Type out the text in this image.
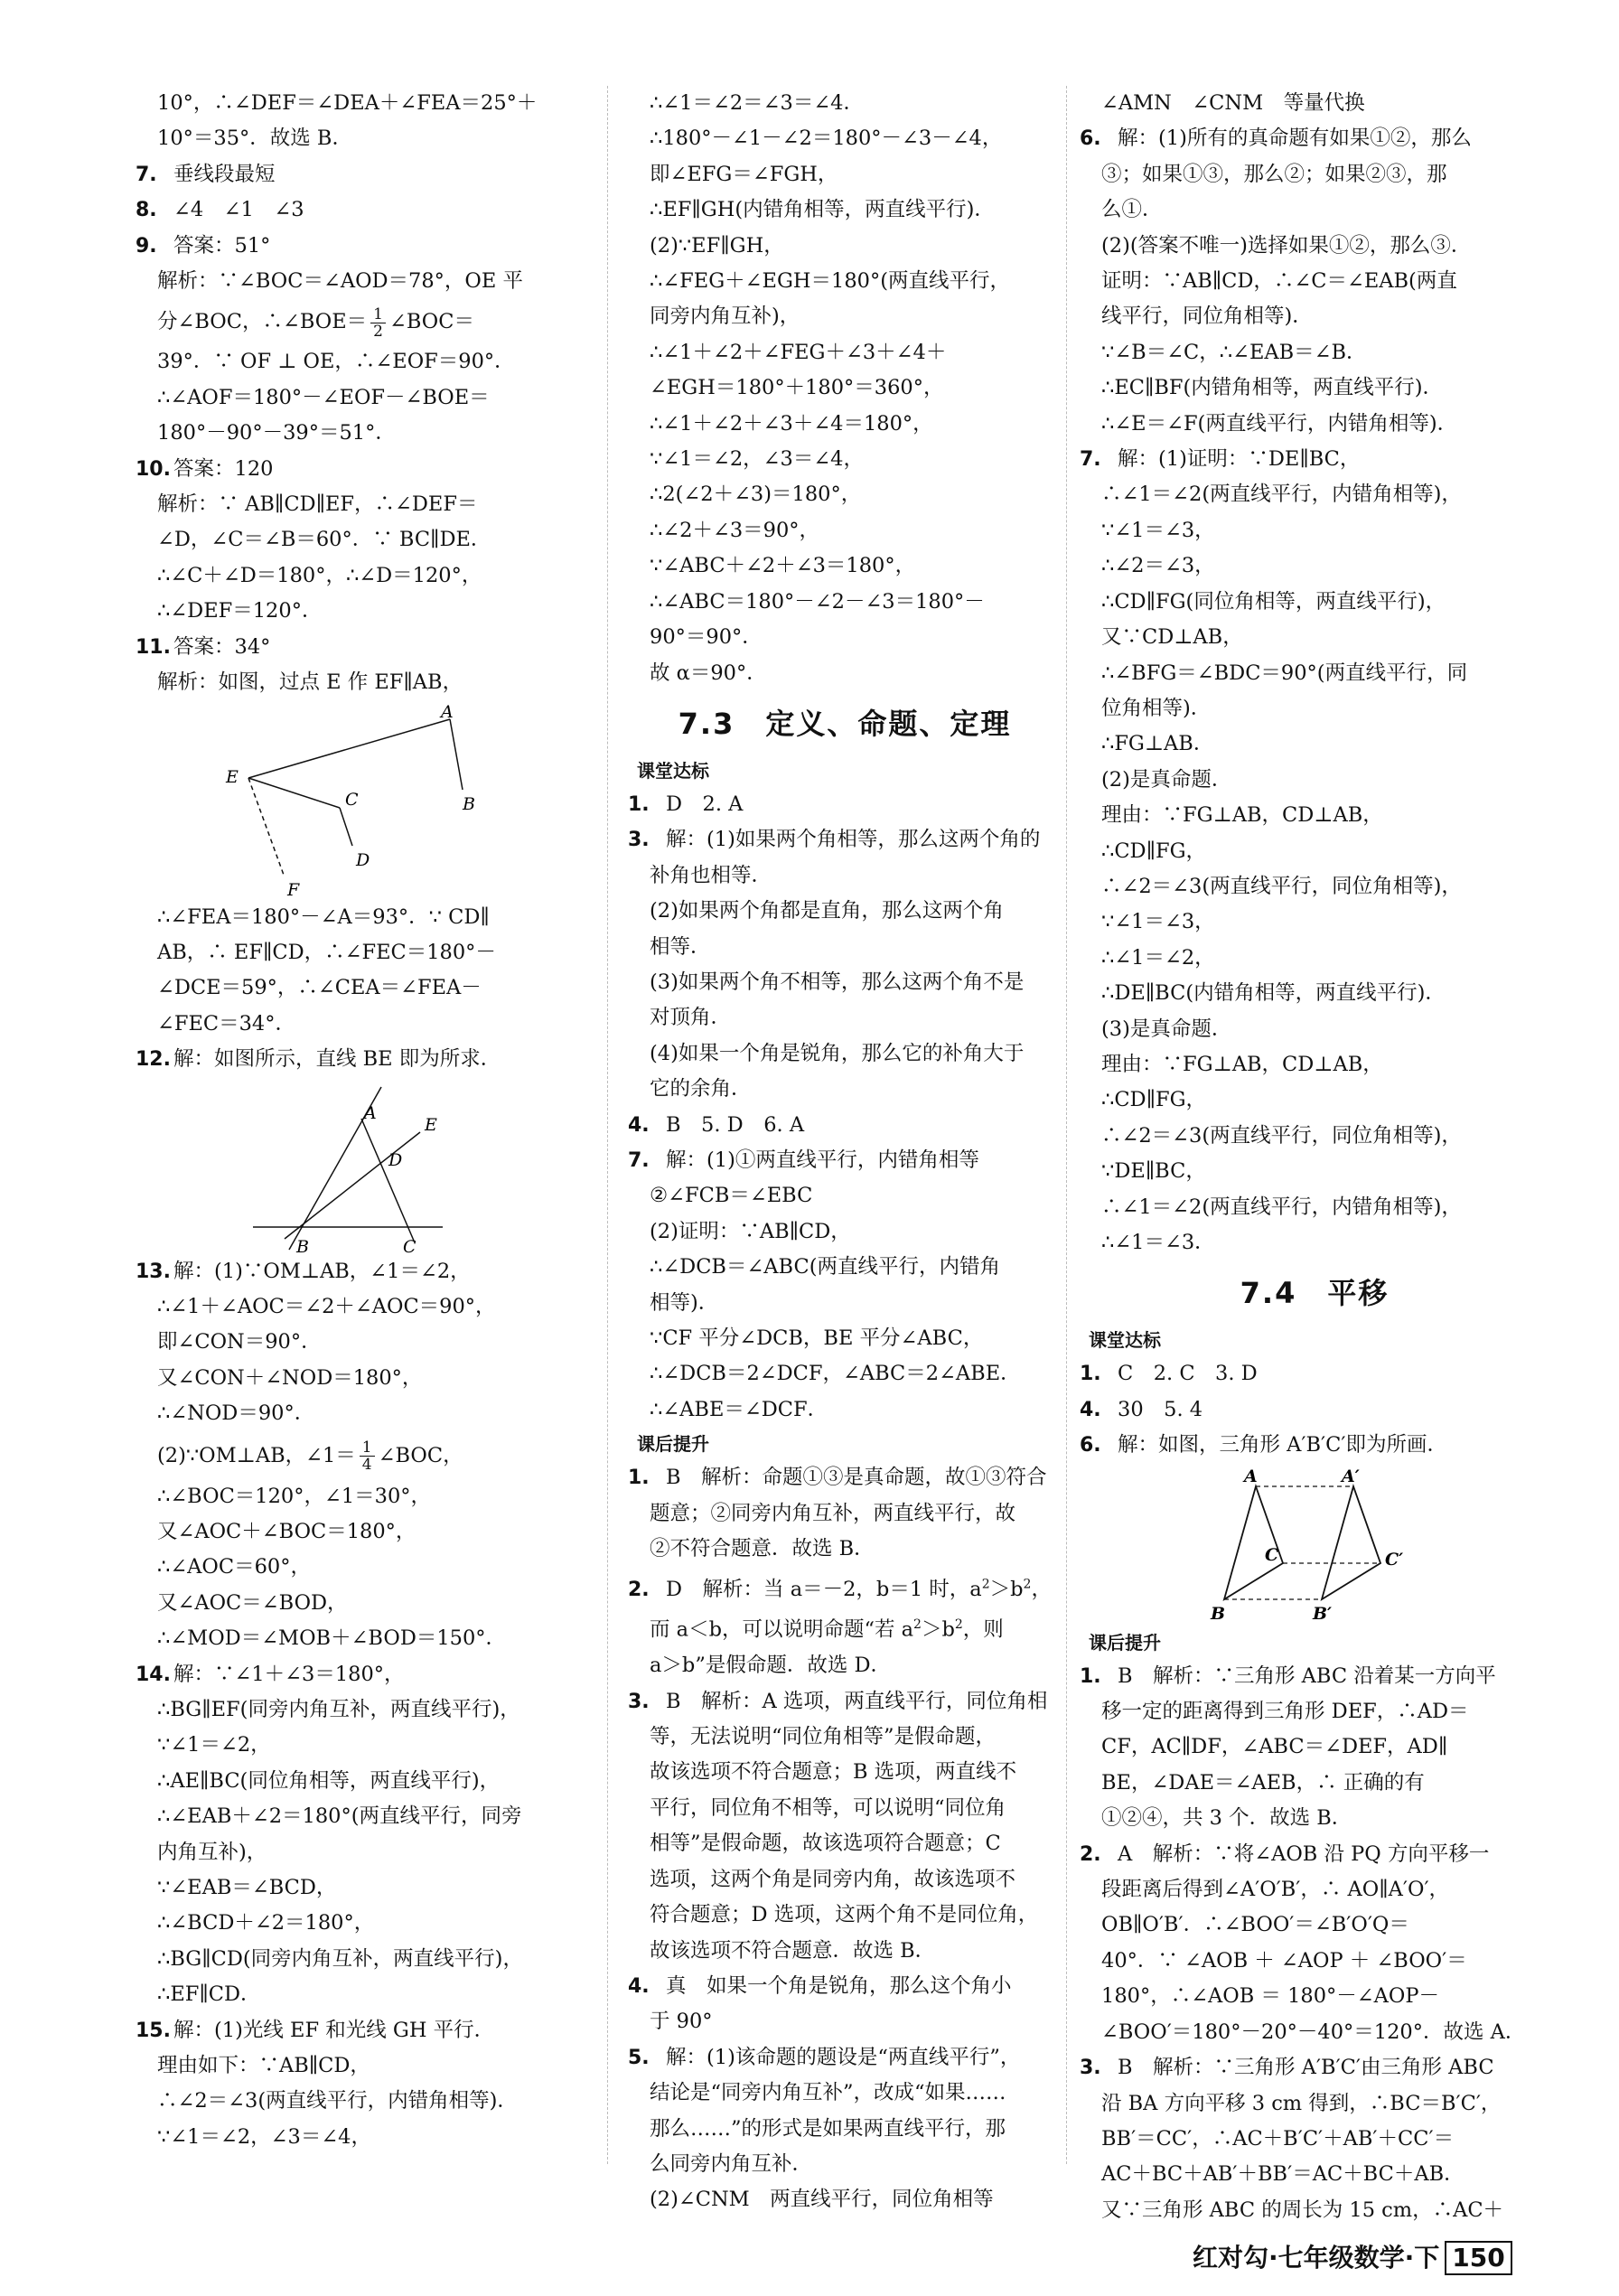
10°，∴∠DEF＝∠DEA＋∠FEA＝25°＋
10°＝35°．故选 B．
7. 垂线段最短
8. ∠4　∠1　∠3
9. 答案：51°
解析：∵∠BOC＝∠AOD＝78°，OE 平
分∠BOC，∴∠BOE＝ $\frac{1}{2}$ ∠BOC＝
39°．∵ OF ⊥ OE，∴∠EOF＝90°．
∴∠AOF＝180°－∠EOF－∠BOE＝
180°－90°－39°＝51°．
10. 答案：120
解析：∵ AB∥CD∥EF，∴∠DEF＝
∠D，∠C＝∠B＝60°．∵ BC∥DE．
∴∠C＋∠D＝180°，∴∠D＝120°，
∴∠DEF＝120°．
11. 答案：34°
解析：如图，过点 E 作 EF∥AB，
A
B
C
D
E
F
∴∠FEA＝180°－∠A＝93°．∵ CD∥
AB，∴ EF∥CD，∴∠FEC＝180°－
∠DCE＝59°，∴∠CEA＝∠FEA－
∠FEC＝34°．
12. 解：如图所示，直线 BE 即为所求．
A
E
D
B	C
13. 解：(1)∵OM⊥AB，∠1＝∠2，
∴∠1＋∠AOC＝∠2＋∠AOC＝90°，
即∠CON＝90°．
又∠CON＋∠NOD＝180°，
∴∠NOD＝90°．
(2)∵OM⊥AB，∠1＝ $\frac{1}{4}$ ∠BOC，
∴∠BOC＝120°，∠1＝30°，
又∠AOC＋∠BOC＝180°，
∴∠AOC＝60°，
又∠AOC＝∠BOD，
∴∠MOD＝∠MOB＋∠BOD＝150°．
14. 解：∵∠1＋∠3＝180°，
∴BG∥EF(同旁内角互补，两直线平行)，
∵∠1＝∠2，
∴AE∥BC(同位角相等，两直线平行)，
∴∠EAB＋∠2＝180°(两直线平行，同旁
内角互补)，
∵∠EAB＝∠BCD，
∴∠BCD＋∠2＝180°，
∴BG∥CD(同旁内角互补，两直线平行)，
∴EF∥CD．
15. 解：(1)光线 EF 和光线 GH 平行．
理由如下：∵AB∥CD，
∴∠2＝∠3(两直线平行，内错角相等)．
∵∠1＝∠2，∠3＝∠4，
∴∠1＝∠2＝∠3＝∠4．
∴180°－∠1－∠2＝180°－∠3－∠4，
即∠EFG＝∠FGH，
∴EF∥GH(内错角相等，两直线平行)．
(2)∵EF∥GH，
∴∠FEG＋∠EGH＝180°(两直线平行，
同旁内角互补)，
∴∠1＋∠2＋∠FEG＋∠3＋∠4＋
∠EGH＝180°＋180°＝360°，
∴∠1＋∠2＋∠3＋∠4＝180°，
∵∠1＝∠2，∠3＝∠4，
∴2(∠2＋∠3)＝180°，
∴∠2＋∠3＝90°，
∵∠ABC＋∠2＋∠3＝180°，
∴∠ABC＝180°－∠2－∠3＝180°－
90°＝90°．
故 α＝90°．
7.3　定义、命题、定理
课堂达标
1. D　2. A
3. 解：(1)如果两个角相等，那么这两个角的
补角也相等．
(2)如果两个角都是直角，那么这两个角
相等．
(3)如果两个角不相等，那么这两个角不是
对顶角．
(4)如果一个角是锐角，那么它的补角大于
它的余角．
4. B　5. D　6. A
7. 解：(1)①两直线平行，内错角相等
②∠FCB＝∠EBC
(2)证明：∵AB∥CD，
∴∠DCB＝∠ABC(两直线平行，内错角
相等)．
∵CF 平分∠DCB，BE 平分∠ABC，
∴∠DCB＝2∠DCF，∠ABC＝2∠ABE．
∴∠ABE＝∠DCF．
课后提升
1. B　解析：命题①③是真命题，故①③符合
题意；②同旁内角互补，两直线平行，故
②不符合题意．故选 B．
2. D　解析：当 a＝－2，b＝1 时，$a^2>b^2$，
而 a＜b，可以说明命题“若 $a^2>b^2$，则
a＞b”是假命题．故选 D．
3. B　解析：A 选项，两直线平行，同位角相
等，无法说明“同位角相等”是假命题，
故该选项不符合题意；B 选项，两直线不
平行，同位角不相等，可以说明“同位角
相等”是假命题，故该选项符合题意；C
选项，这两个角是同旁内角，故该选项不
符合题意；D 选项，这两个角不是同位角，
故该选项不符合题意．故选 B．
4. 真　如果一个角是锐角，那么这个角小
于 90°
5. 解：(1)该命题的题设是“两直线平行”，
结论是“同旁内角互补”，改成“如果……
那么……”的形式是如果两直线平行，那
么同旁内角互补．
(2)∠CNM　两直线平行，同位角相等
∠AMN　∠CNM　等量代换
6. 解：(1)所有的真命题有如果①②，那么
③；如果①③，那么②；如果②③，那
么①．
(2)(答案不唯一)选择如果①②，那么③．
证明：∵AB∥CD，∴∠C＝∠EAB(两直
线平行，同位角相等)．
∵∠B＝∠C，∴∠EAB＝∠B．
∴EC∥BF(内错角相等，两直线平行)．
∴∠E＝∠F(两直线平行，内错角相等)．
7. 解：(1)证明：∵DE∥BC，
∴∠1＝∠2(两直线平行，内错角相等)，
∵∠1＝∠3，
∴∠2＝∠3，
∴CD∥FG(同位角相等，两直线平行)，
又∵CD⊥AB，
∴∠BFG＝∠BDC＝90°(两直线平行，同
位角相等)．
∴FG⊥AB．
(2)是真命题．
理由：∵FG⊥AB，CD⊥AB，
∴CD∥FG，
∴∠2＝∠3(两直线平行，同位角相等)，
∵∠1＝∠3，
∴∠1＝∠2，
∴DE∥BC(内错角相等，两直线平行)．
(3)是真命题．
理由：∵FG⊥AB，CD⊥AB，
∴CD∥FG，
∴∠2＝∠3(两直线平行，同位角相等)，
∵DE∥BC，
∴∠1＝∠2(两直线平行，内错角相等)，
∴∠1＝∠3．
7.4　平移
课堂达标
1. C　2. C　3. D
4. 30　5. 4
6. 解：如图，三角形 A′B′C′即为所画．
A
B
C
A′
B′
C′
课后提升
1. B　解析：∵三角形 ABC 沿着某一方向平
移一定的距离得到三角形 DEF，∴AD＝
CF，AC∥DF，∠ABC＝∠DEF，AD∥
BE，∠DAE＝∠AEB，∴ 正确的有
①②④，共 3 个．故选 B．
2. A　解析：∵将∠AOB 沿 PQ 方向平移一
段距离后得到∠A′O′B′，∴ AO∥A′O′，
OB∥O′B′．∴∠BOO′＝∠B′O′Q＝
40°．∵ ∠AOB ＋ ∠AOP ＋ ∠BOO′＝
180°，∴∠AOB ＝ 180°－∠AOP－
∠BOO′＝180°－20°－40°＝120°．故选 A．
3. B　解析：∵三角形 A′B′C′由三角形 ABC
沿 BA 方向平移 3 cm 得到，∴BC＝B′C′，
BB′＝CC′，∴AC＋B′C′＋AB′＋CC′＝
AC＋BC＋AB′＋BB′＝AC＋BC＋AB．
又∵三角形 ABC 的周长为 15 cm，∴AC＋
红对勾·七年级数学·下 150
